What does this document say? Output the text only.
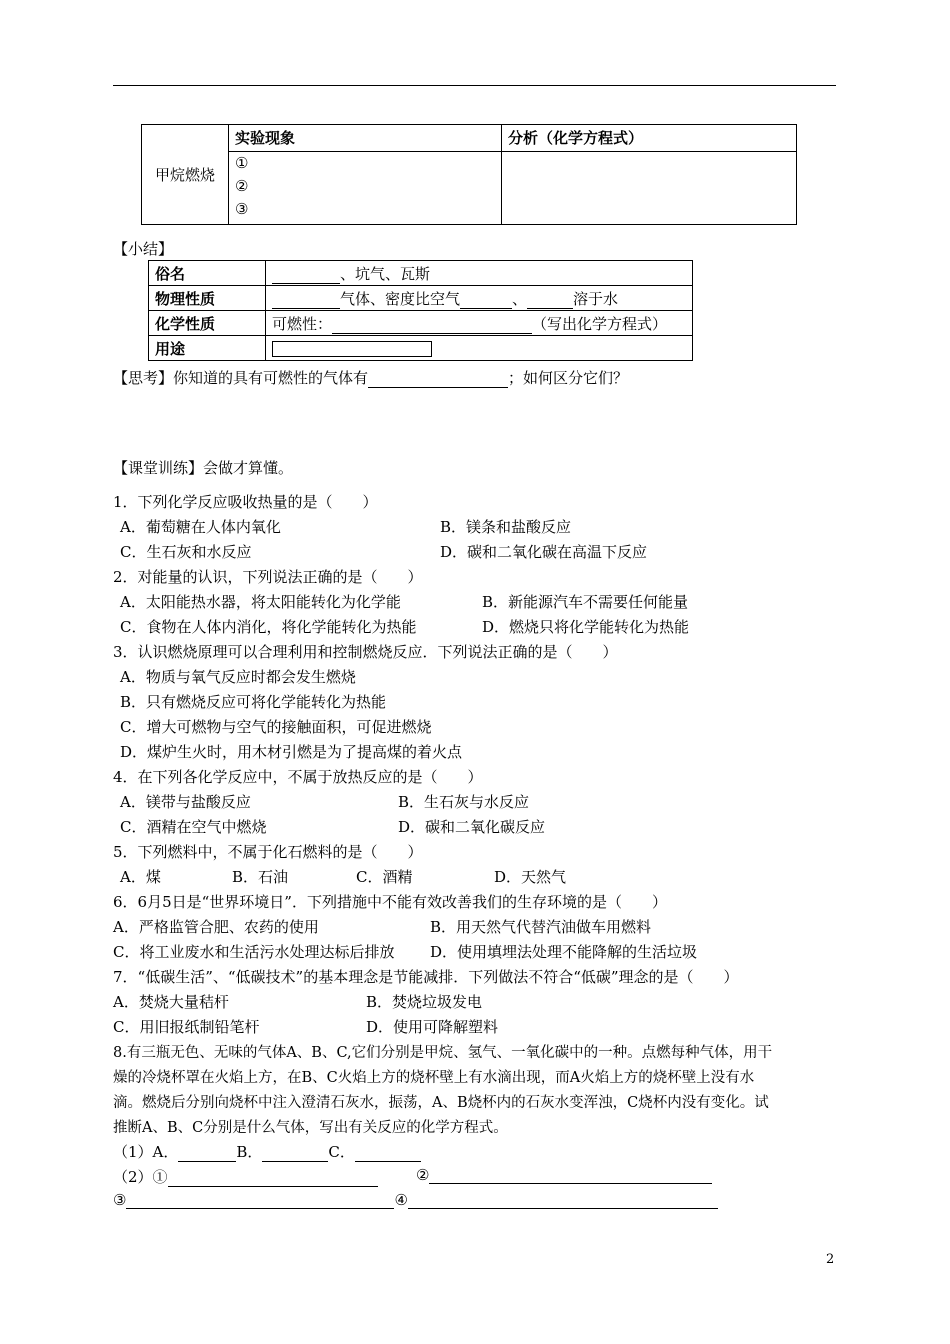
甲烷燃烧	实验现象	分析（化学方程式）

	①
②
③	

【小结】
俗名	、坑气、瓦斯
物理性质	气体、密度比空气 、 溶于水
化学性质	可燃性： （写出化学方程式）
用途	
【思考】你知道的具有可燃性的气体有	；如何区分它们？
【课堂训练】会做才算懂。
1．下列化学反应吸收热量的是（　　）
A．葡萄糖在人体内氧化	B．镁条和盐酸反应
C．生石灰和水反应	D．碳和二氧化碳在高温下反应
2．对能量的认识，下列说法正确的是（　　）
A．太阳能热水器，将太阳能转化为化学能	B．新能源汽车不需要任何能量
C．食物在人体内消化，将化学能转化为热能	D．燃烧只将化学能转化为热能
3．认识燃烧原理可以合理利用和控制燃烧反应．下列说法正确的是（　　）
A．物质与氧气反应时都会发生燃烧
B．只有燃烧反应可将化学能转化为热能
C．增大可燃物与空气的接触面积，可促进燃烧
D．煤炉生火时，用木材引燃是为了提高煤的着火点
4．在下列各化学反应中，不属于放热反应的是（　　）
A．镁带与盐酸反应	B．生石灰与水反应
C．酒精在空气中燃烧	D．碳和二氧化碳反应
5．下列燃料中，不属于化石燃料的是（　　）
A．煤	B．石油	C．酒精	D．天然气
6．6月5日是“世界环境日”．下列措施中不能有效改善我们的生存环境的是（　　）
A．严格监管合肥、农药的使用	B．用天然气代替汽油做车用燃料
C．将工业废水和生活污水处理达标后排放 D．使用填埋法处理不能降解的生活垃圾
7．“低碳生活”、“低碳技术”的基本理念是节能减排．下列做法不符合“低碳”理念的是（　　）
A．焚烧大量秸杆	B．焚烧垃圾发电
C．用旧报纸制铅笔杆	D．使用可降解塑料
8.有三瓶无色、无味的气体A、B、C,它们分别是甲烷、氢气、一氧化碳中的一种。点燃每种气体，用干
燥的冷烧杯罩在火焰上方，在B、C火焰上方的烧杯壁上有水滴出现，而A火焰上方的烧杯壁上没有水
滴。燃烧后分别向烧杯中注入澄清石灰水，振荡，A、B烧杯内的石灰水变浑浊，C烧杯内没有变化。试
推断A、B、C分别是什么气体，写出有关反应的化学方程式。
（1）A．	B．	C．
（2）①	②
③	④
2
